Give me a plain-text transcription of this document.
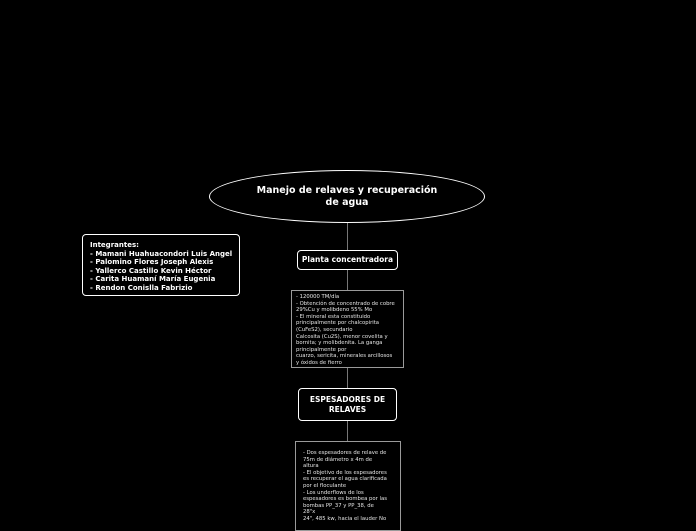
Manejo de relaves y recuperación
de agua
Planta concentradora
- 120000 TM/día
- Obtención de concentrado de cobre
29%Cu y molibdeno 55% Mo
- El mineral esta constituido
principalmente por chalcopirita
(CuFeS2), secundario
Calcosita (Cu2S), menor covelita y
bornita; y molibdenita. La ganga
principalmente por
cuarzo, sericita, minerales arcillosos
y óxidos de fierro
ESPESADORES DE
RELAVES
- Dos espesadores de relave de
75m de diámetro x 4m de
altura
- El objetivo de los espesadores
es recuperar el agua clarificada
por el floculante
- Los underflows de los
espesadores es bombea por las
bombas PP_37 y PP_38, de
28"x
24", 485 kw, hacia el lauder No
Integrantes:
- Mamani Huahuacondori Luis Angel
- Palomino Flores Joseph Alexis
- Yallerco Castillo Kevin Héctor
- Carita Huamaní María Eugenia
- Rendon Conislla Fabrizio
